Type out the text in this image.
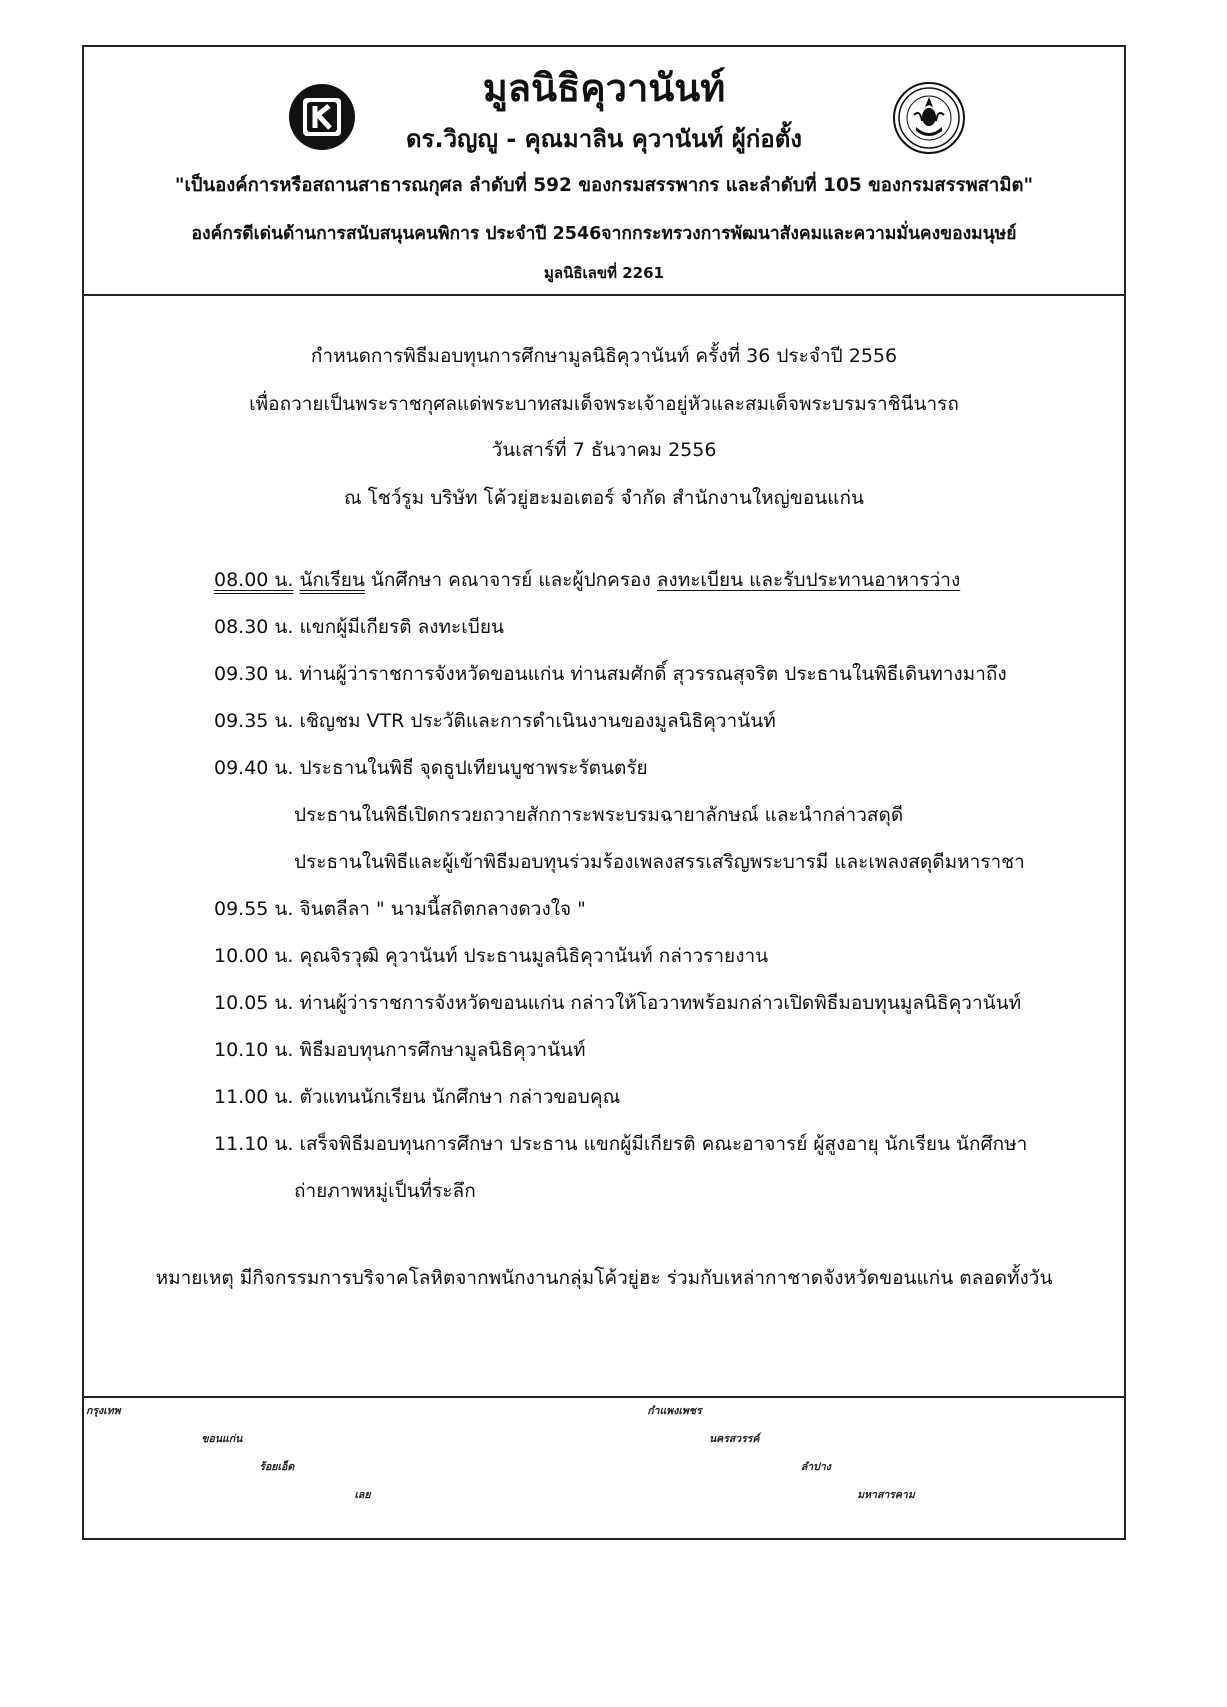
มูลนิธิคุวานันท์
ดร.วิญญู - คุณมาลิน คุวานันท์ ผู้ก่อตั้ง
"เป็นองค์การหรือสถานสาธารณกุศล ลำดับที่ 592 ของกรมสรรพากร และลำดับที่ 105 ของกรมสรรพสามิต"
องค์กรดีเด่นด้านการสนับสนุนคนพิการ ประจำปี 2546จากกระทรวงการพัฒนาสังคมและความมั่นคงของมนุษย์
มูลนิธิเลขที่ 2261
กำหนดการพิธีมอบทุนการศึกษามูลนิธิคุวานันท์ ครั้งที่ 36 ประจำปี 2556
เพื่อถวายเป็นพระราชกุศลแด่พระบาทสมเด็จพระเจ้าอยู่หัวและสมเด็จพระบรมราชินีนารถ
วันเสาร์ที่ 7 ธันวาคม 2556
ณ โชว์รูม บริษัท โค้วยู่ฮะมอเตอร์ จำกัด สำนักงานใหญ่ขอนแก่น
08.00 น. นักเรียน นักศึกษา คณาจารย์ และผู้ปกครอง ลงทะเบียน และรับประทานอาหารว่าง
08.30 น. แขกผู้มีเกียรติ ลงทะเบียน
09.30 น. ท่านผู้ว่าราชการจังหวัดขอนแก่น ท่านสมศักดิ์ สุวรรณสุจริต ประธานในพิธีเดินทางมาถึง
09.35 น. เชิญชม VTR ประวัติและการดำเนินงานของมูลนิธิคุวานันท์
09.40 น. ประธานในพิธี จุดธูปเทียนบูชาพระรัตนตรัย
ประธานในพิธีเปิดกรวยถวายสักการะพระบรมฉายาลักษณ์ และนำกล่าวสดุดี
ประธานในพิธีและผู้เข้าพิธีมอบทุนร่วมร้องเพลงสรรเสริญพระบารมี และเพลงสดุดีมหาราชา
09.55 น. จินตลีลา " นามนี้สถิตกลางดวงใจ "
10.00 น. คุณจิรวุฒิ คุวานันท์ ประธานมูลนิธิคุวานันท์ กล่าวรายงาน
10.05 น. ท่านผู้ว่าราชการจังหวัดขอนแก่น กล่าวให้โอวาทพร้อมกล่าวเปิดพิธีมอบทุนมูลนิธิคุวานันท์
10.10 น. พิธีมอบทุนการศึกษามูลนิธิคุวานันท์
11.00 น. ตัวแทนนักเรียน นักศึกษา กล่าวขอบคุณ
11.10 น. เสร็จพิธีมอบทุนการศึกษา ประธาน แขกผู้มีเกียรติ คณะอาจารย์ ผู้สูงอายุ นักเรียน นักศึกษา
ถ่ายภาพหมู่เป็นที่ระลึก
หมายเหตุ มีกิจกรรมการบริจาคโลหิตจากพนักงานกลุ่มโค้วยู่ฮะ ร่วมกับเหล่ากาชาดจังหวัดขอนแก่น ตลอดทั้งวัน
กรุงเทพ	กำแพงเพชร
ขอนแก่น	นครสวรรค์
ร้อยเอ็ด	ลำปาง
เลย	มหาสารคาม
